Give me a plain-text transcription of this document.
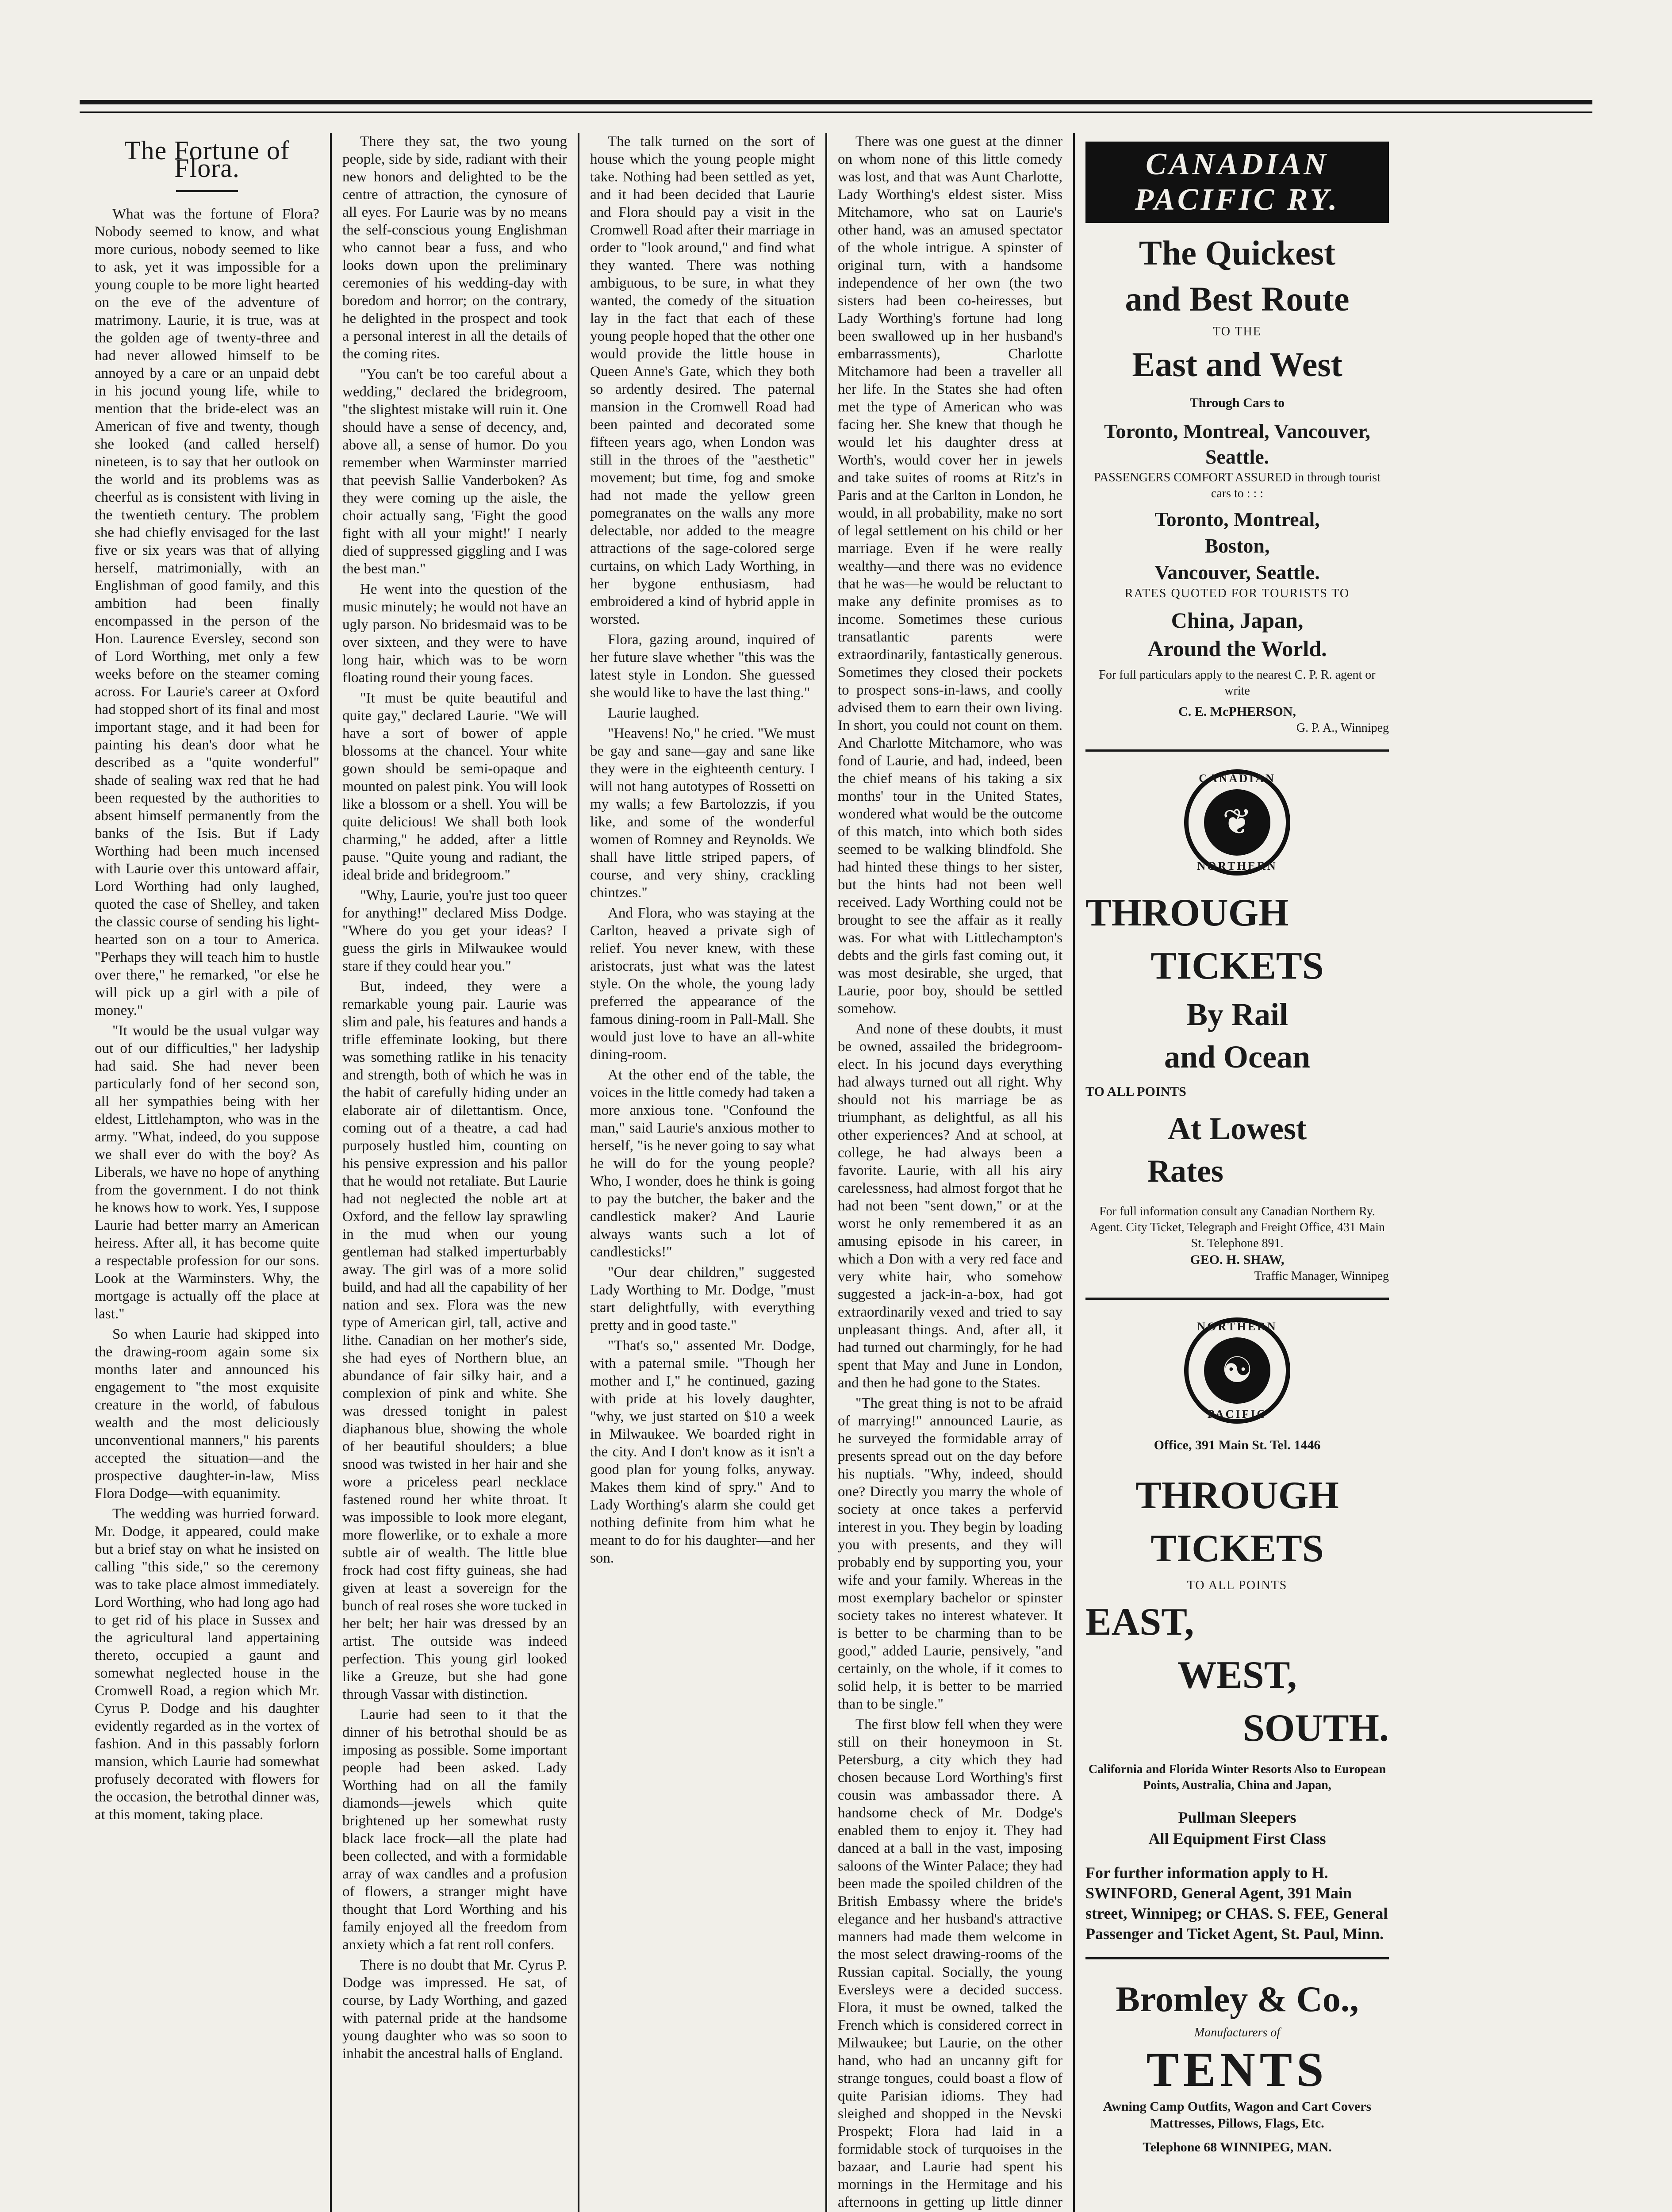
The Fortune of Flora.

What was the fortune of Flora? Nobody seemed to know, and what more curious, nobody seemed to like to ask, yet it was impossible for a young couple to be more light hearted on the eve of the adventure of matrimony. Laurie, it is true, was at the golden age of twenty-three and had never allowed himself to be annoyed by a care or an unpaid debt in his jocund young life, while to mention that the bride-elect was an American of five and twenty, though she looked (and called herself) nineteen, is to say that her outlook on the world and its problems was as cheerful as is consistent with living in the twentieth century. The problem she had chiefly envisaged for the last five or six years was that of allying herself, matrimonially, with an Englishman of good family, and this ambition had been finally encompassed in the person of the Hon. Laurence Eversley, second son of Lord Worthing, met only a few weeks before on the steamer coming across. For Laurie's career at Oxford had stopped short of its final and most important stage, and it had been for painting his dean's door what he described as a "quite wonderful" shade of sealing wax red that he had been requested by the authorities to absent himself permanently from the banks of the Isis. But if Lady Worthing had been much incensed with Laurie over this untoward affair, Lord Worthing had only laughed, quoted the case of Shelley, and taken the classic course of sending his light-hearted son on a tour to America. "Perhaps they will teach him to hustle over there," he remarked, "or else he will pick up a girl with a pile of money."

"It would be the usual vulgar way out of our difficulties," her ladyship had said. She had never been particularly fond of her second son, all her sympathies being with her eldest, Littlehampton, who was in the army. "What, indeed, do you suppose we shall ever do with the boy? As Liberals, we have no hope of anything from the government. I do not think he knows how to work. Yes, I suppose Laurie had better marry an American heiress. After all, it has become quite a respectable profession for our sons. Look at the Warminsters. Why, the mortgage is actually off the place at last."

So when Laurie had skipped into the drawing-room again some six months later and announced his engagement to "the most exquisite creature in the world, of fabulous wealth and the most deliciously unconventional manners," his parents accepted the situation—and the prospective daughter-in-law, Miss Flora Dodge—with equanimity.

The wedding was hurried forward. Mr. Dodge, it appeared, could make but a brief stay on what he insisted on calling "this side," so the ceremony was to take place almost immediately. Lord Worthing, who had long ago had to get rid of his place in Sussex and the agricultural land appertaining thereto, occupied a gaunt and somewhat neglected house in the Cromwell Road, a region which Mr. Cyrus P. Dodge and his daughter evidently regarded as in the vortex of fashion. And in this passably forlorn mansion, which Laurie had somewhat profusely decorated with flowers for the occasion, the betrothal dinner was, at this moment, taking place.

There they sat, the two young people, side by side, radiant with their new honors and delighted to be the centre of attraction, the cynosure of all eyes. For Laurie was by no means the self-conscious young Englishman who cannot bear a fuss, and who looks down upon the preliminary ceremonies of his wedding-day with boredom and horror; on the contrary, he delighted in the prospect and took a personal interest in all the details of the coming rites.

"You can't be too careful about a wedding," declared the bridegroom, "the slightest mistake will ruin it. One should have a sense of decency, and, above all, a sense of humor. Do you remember when Warminster married that peevish Sallie Vanderboken? As they were coming up the aisle, the choir actually sang, 'Fight the good fight with all your might!' I nearly died of suppressed giggling and I was the best man."

He went into the question of the music minutely; he would not have an ugly parson. No bridesmaid was to be over sixteen, and they were to have long hair, which was to be worn floating round their young faces.

"It must be quite beautiful and quite gay," declared Laurie. "We will have a sort of bower of apple blossoms at the chancel. Your white gown should be semi-opaque and mounted on palest pink. You will look like a blossom or a shell. You will be quite delicious! We shall both look charming," he added, after a little pause. "Quite young and radiant, the ideal bride and bridegroom."

"Why, Laurie, you're just too queer for anything!" declared Miss Dodge. "Where do you get your ideas? I guess the girls in Milwaukee would stare if they could hear you."

But, indeed, they were a remarkable young pair. Laurie was slim and pale, his features and hands a trifle effeminate looking, but there was something ratlike in his tenacity and strength, both of which he was in the habit of carefully hiding under an elaborate air of dilettantism. Once, coming out of a theatre, a cad had purposely hustled him, counting on his pensive expression and his pallor that he would not retaliate. But Laurie had not neglected the noble art at Oxford, and the fellow lay sprawling in the mud when our young gentleman had stalked imperturbably away. The girl was of a more solid build, and had all the capability of her nation and sex. Flora was the new type of American girl, tall, active and lithe. Canadian on her mother's side, she had eyes of Northern blue, an abundance of fair silky hair, and a complexion of pink and white. She was dressed tonight in palest diaphanous blue, showing the whole of her beautiful shoulders; a blue snood was twisted in her hair and she wore a priceless pearl necklace fastened round her white throat. It was impossible to look more elegant, more flowerlike, or to exhale a more subtle air of wealth. The little blue frock had cost fifty guineas, she had given at least a sovereign for the bunch of real roses she wore tucked in her belt; her hair was dressed by an artist. The outside was indeed perfection. This young girl looked like a Greuze, but she had gone through Vassar with distinction.

Laurie had seen to it that the dinner of his betrothal should be as imposing as possible. Some important people had been asked. Lady Worthing had on all the family diamonds—jewels which quite brightened up her somewhat rusty black lace frock—all the plate had been collected, and with a formidable array of wax candles and a profusion of flowers, a stranger might have thought that Lord Worthing and his family enjoyed all the freedom from anxiety which a fat rent roll confers.

There is no doubt that Mr. Cyrus P. Dodge was impressed. He sat, of course, by Lady Worthing, and gazed with paternal pride at the handsome young daughter who was so soon to inhabit the ancestral halls of England.

The talk turned on the sort of house which the young people might take. Nothing had been settled as yet, and it had been decided that Laurie and Flora should pay a visit in the Cromwell Road after their marriage in order to "look around," and find what they wanted. There was nothing ambiguous, to be sure, in what they wanted, the comedy of the situation lay in the fact that each of these young people hoped that the other one would provide the little house in Queen Anne's Gate, which they both so ardently desired. The paternal mansion in the Cromwell Road had been painted and decorated some fifteen years ago, when London was still in the throes of the "aesthetic" movement; but time, fog and smoke had not made the yellow green pomegranates on the walls any more delectable, nor added to the meagre attractions of the sage-colored serge curtains, on which Lady Worthing, in her bygone enthusiasm, had embroidered a kind of hybrid apple in worsted.

Flora, gazing around, inquired of her future slave whether "this was the latest style in London. She guessed she would like to have the last thing."

Laurie laughed.

"Heavens! No," he cried. "We must be gay and sane—gay and sane like they were in the eighteenth century. I will not hang autotypes of Rossetti on my walls; a few Bartolozzis, if you like, and some of the wonderful women of Romney and Reynolds. We shall have little striped papers, of course, and very shiny, crackling chintzes."

And Flora, who was staying at the Carlton, heaved a private sigh of relief. You never knew, with these aristocrats, just what was the latest style. On the whole, the young lady preferred the appearance of the famous dining-room in Pall-Mall. She would just love to have an all-white dining-room.

At the other end of the table, the voices in the little comedy had taken a more anxious tone. "Confound the man," said Laurie's anxious mother to herself, "is he never going to say what he will do for the young people? Who, I wonder, does he think is going to pay the butcher, the baker and the candlestick maker? And Laurie always wants such a lot of candlesticks!"

"Our dear children," suggested Lady Worthing to Mr. Dodge, "must start delightfully, with everything pretty and in good taste."

"That's so," assented Mr. Dodge, with a paternal smile. "Though her mother and I," he continued, gazing with pride at his lovely daughter, "why, we just started on $10 a week in Milwaukee. We boarded right in the city. And I don't know as it isn't a good plan for young folks, anyway. Makes them kind of spry." And to Lady Worthing's alarm she could get nothing definite from him what he meant to do for his daughter—and her son.

There was one guest at the dinner on whom none of this little comedy was lost, and that was Aunt Charlotte, Lady Worthing's eldest sister. Miss Mitchamore, who sat on Laurie's other hand, was an amused spectator of the whole intrigue. A spinster of original turn, with a handsome independence of her own (the two sisters had been co-heiresses, but Lady Worthing's fortune had long been swallowed up in her husband's embarrassments), Charlotte Mitchamore had been a traveller all her life. In the States she had often met the type of American who was facing her. She knew that though he would let his daughter dress at Worth's, would cover her in jewels and take suites of rooms at Ritz's in Paris and at the Carlton in London, he would, in all probability, make no sort of legal settlement on his child or her marriage. Even if he were really wealthy—and there was no evidence that he was—he would be reluctant to make any definite promises as to income. Sometimes these curious transatlantic parents were extraordinarily, fantastically generous. Sometimes they closed their pockets to prospect sons-in-laws, and coolly advised them to earn their own living. In short, you could not count on them. And Charlotte Mitchamore, who was fond of Laurie, and had, indeed, been the chief means of his taking a six months' tour in the United States, wondered what would be the outcome of this match, into which both sides seemed to be walking blindfold. She had hinted these things to her sister, but the hints had not been well received. Lady Worthing could not be brought to see the affair as it really was. For what with Littlechampton's debts and the girls fast coming out, it was most desirable, she urged, that Laurie, poor boy, should be settled somehow.

And none of these doubts, it must be owned, assailed the bridegroom-elect. In his jocund days everything had always turned out all right. Why should not his marriage be as triumphant, as delightful, as all his other experiences? And at school, at college, he had always been a favorite. Laurie, with all his airy carelessness, had almost forgot that he had not been "sent down," or at the worst he only remembered it as an amusing episode in his career, in which a Don with a very red face and very white hair, who somehow suggested a jack-in-a-box, had got extraordinarily vexed and tried to say unpleasant things. And, after all, it had turned out charmingly, for he had spent that May and June in London, and then he had gone to the States.

"The great thing is not to be afraid of marrying!" announced Laurie, as he surveyed the formidable array of presents spread out on the day before his nuptials. "Why, indeed, should one? Directly you marry the whole of society at once takes a perfervid interest in you. They begin by loading you with presents, and they will probably end by supporting you, your wife and your family. Whereas in the most exemplary bachelor or spinster society takes no interest whatever. It is better to be charming than to be good," added Laurie, pensively, "and certainly, on the whole, if it comes to solid help, it is better to be married than to be single."

The first blow fell when they were still on their honeymoon in St. Petersburg, a city which they had chosen because Lord Worthing's first cousin was ambassador there. A handsome check of Mr. Dodge's enabled them to enjoy it. They had danced at a ball in the vast, imposing saloons of the Winter Palace; they had been made the spoiled children of the British Embassy where the bride's elegance and her husband's attractive manners had made them welcome in the most select drawing-rooms of the Russian capital. Socially, the young Eversleys were a decided success. Flora, it must be owned, talked the French which is considered correct in Milwaukee; but Laurie, on the other hand, who had an uncanny gift for strange tongues, could boast a flow of quite Parisian idioms. They had sleighed and shopped in the Nevski Prospekt; Flora had laid in a formidable stock of turquoises in the bazaar, and Laurie had spent his mornings in the Hermitage and his afternoons in getting up little dinner

CANADIAN PACIFIC RY.
The Quickest
and Best Route
TO THE
East and West
Through Cars to
Toronto, Montreal, Vancouver, Seattle.
PASSENGERS COMFORT ASSURED in through tourist cars to : : :
Toronto, Montreal,
Boston,
Vancouver, Seattle.
RATES QUOTED FOR TOURISTS TO
China, Japan,
Around the World.
For full particulars apply to the nearest C. P. R. agent or write
C. E. McPHERSON,
G. P. A., Winnipeg
CANADIAN
❦
NORTHERN
THROUGH
TICKETS
By Rail
and Ocean
TO ALL POINTS
At Lowest
Rates
For full information consult any Canadian Northern Ry. Agent. City Ticket, Telegraph and Freight Office, 431 Main St. Telephone 891.
GEO. H. SHAW,
Traffic Manager, Winnipeg
NORTHERN
☯
PACIFIC
Office, 391 Main St. Tel. 1446
THROUGH
TICKETS
TO ALL POINTS
EAST,
WEST,
SOUTH.
California and Florida Winter Resorts Also to European Points, Australia, China and Japan,
Pullman Sleepers
All Equipment First Class
For further information apply to H. SWINFORD, General Agent, 391 Main street, Winnipeg; or CHAS. S. FEE, General Passenger and Ticket Agent, St. Paul, Minn.
Bromley & Co.,
Manufacturers of
TENTS
Awning Camp Outfits, Wagon and Cart Covers Mattresses, Pillows, Flags, Etc.
Telephone 68 WINNIPEG, MAN.
